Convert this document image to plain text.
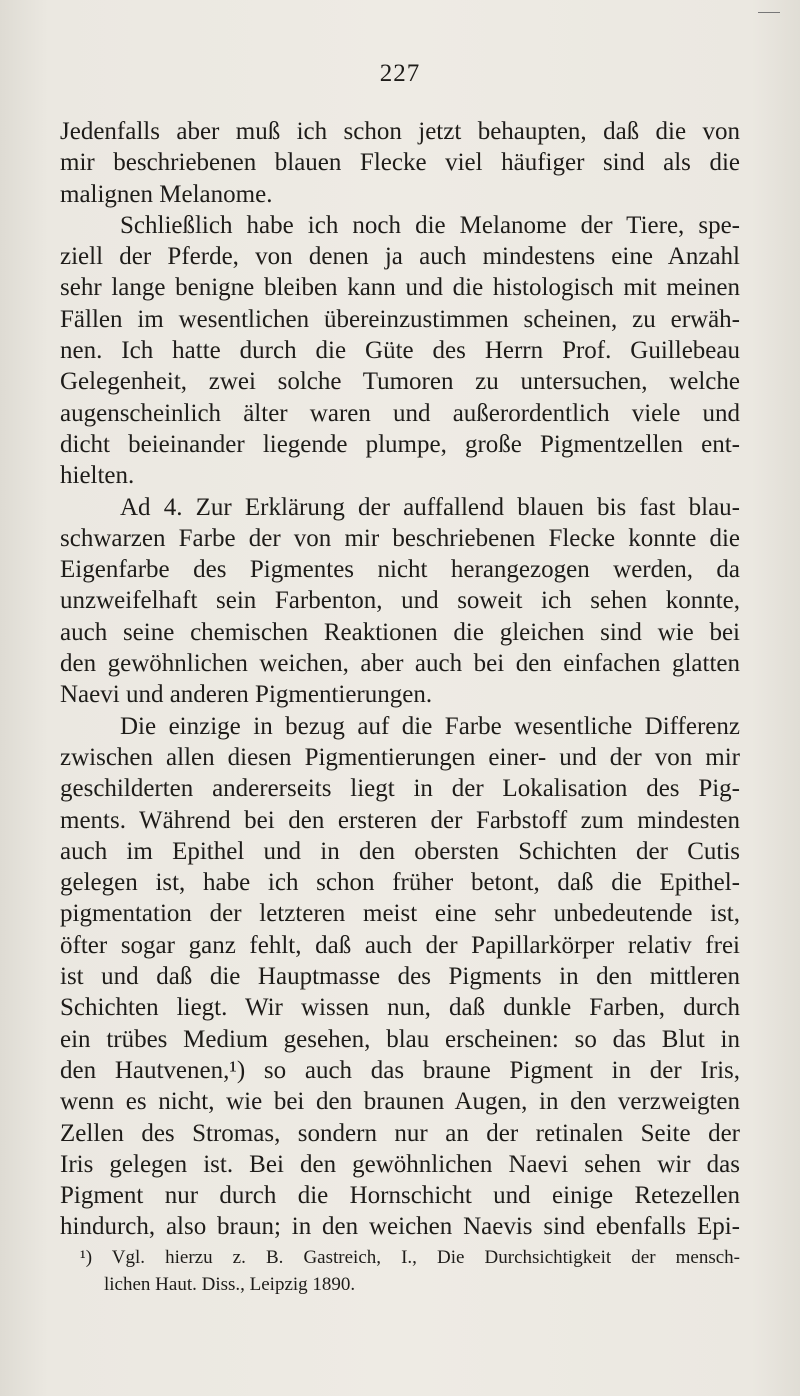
227
Jedenfalls aber muß ich schon jetzt behaupten, daß die von
mir beschriebenen blauen Flecke viel häufiger sind als die
malignen Melanome.
Schließlich habe ich noch die Melanome der Tiere, spe-
ziell der Pferde, von denen ja auch mindestens eine Anzahl
sehr lange benigne bleiben kann und die histologisch mit meinen
Fällen im wesentlichen übereinzustimmen scheinen, zu erwäh-
nen. Ich hatte durch die Güte des Herrn Prof. Guillebeau
Gelegenheit, zwei solche Tumoren zu untersuchen, welche
augenscheinlich älter waren und außerordentlich viele und
dicht beieinander liegende plumpe, große Pigmentzellen ent-
hielten.
Ad 4. Zur Erklärung der auffallend blauen bis fast blau-
schwarzen Farbe der von mir beschriebenen Flecke konnte die
Eigenfarbe des Pigmentes nicht herangezogen werden, da
unzweifelhaft sein Farbenton, und soweit ich sehen konnte,
auch seine chemischen Reaktionen die gleichen sind wie bei
den gewöhnlichen weichen, aber auch bei den einfachen glatten
Naevi und anderen Pigmentierungen.
Die einzige in bezug auf die Farbe wesentliche Differenz
zwischen allen diesen Pigmentierungen einer- und der von mir
geschilderten andererseits liegt in der Lokalisation des Pig-
ments. Während bei den ersteren der Farbstoff zum mindesten
auch im Epithel und in den obersten Schichten der Cutis
gelegen ist, habe ich schon früher betont, daß die Epithel-
pigmentation der letzteren meist eine sehr unbedeutende ist,
öfter sogar ganz fehlt, daß auch der Papillarkörper relativ frei
ist und daß die Hauptmasse des Pigments in den mittleren
Schichten liegt. Wir wissen nun, daß dunkle Farben, durch
ein trübes Medium gesehen, blau erscheinen: so das Blut in
den Hautvenen,¹) so auch das braune Pigment in der Iris,
wenn es nicht, wie bei den braunen Augen, in den verzweigten
Zellen des Stromas, sondern nur an der retinalen Seite der
Iris gelegen ist. Bei den gewöhnlichen Naevi sehen wir das
Pigment nur durch die Hornschicht und einige Retezellen
hindurch, also braun; in den weichen Naevis sind ebenfalls Epi-
¹) Vgl. hierzu z. B. Gastreich, I., Die Durchsichtigkeit der mensch-
lichen Haut. Diss., Leipzig 1890.
